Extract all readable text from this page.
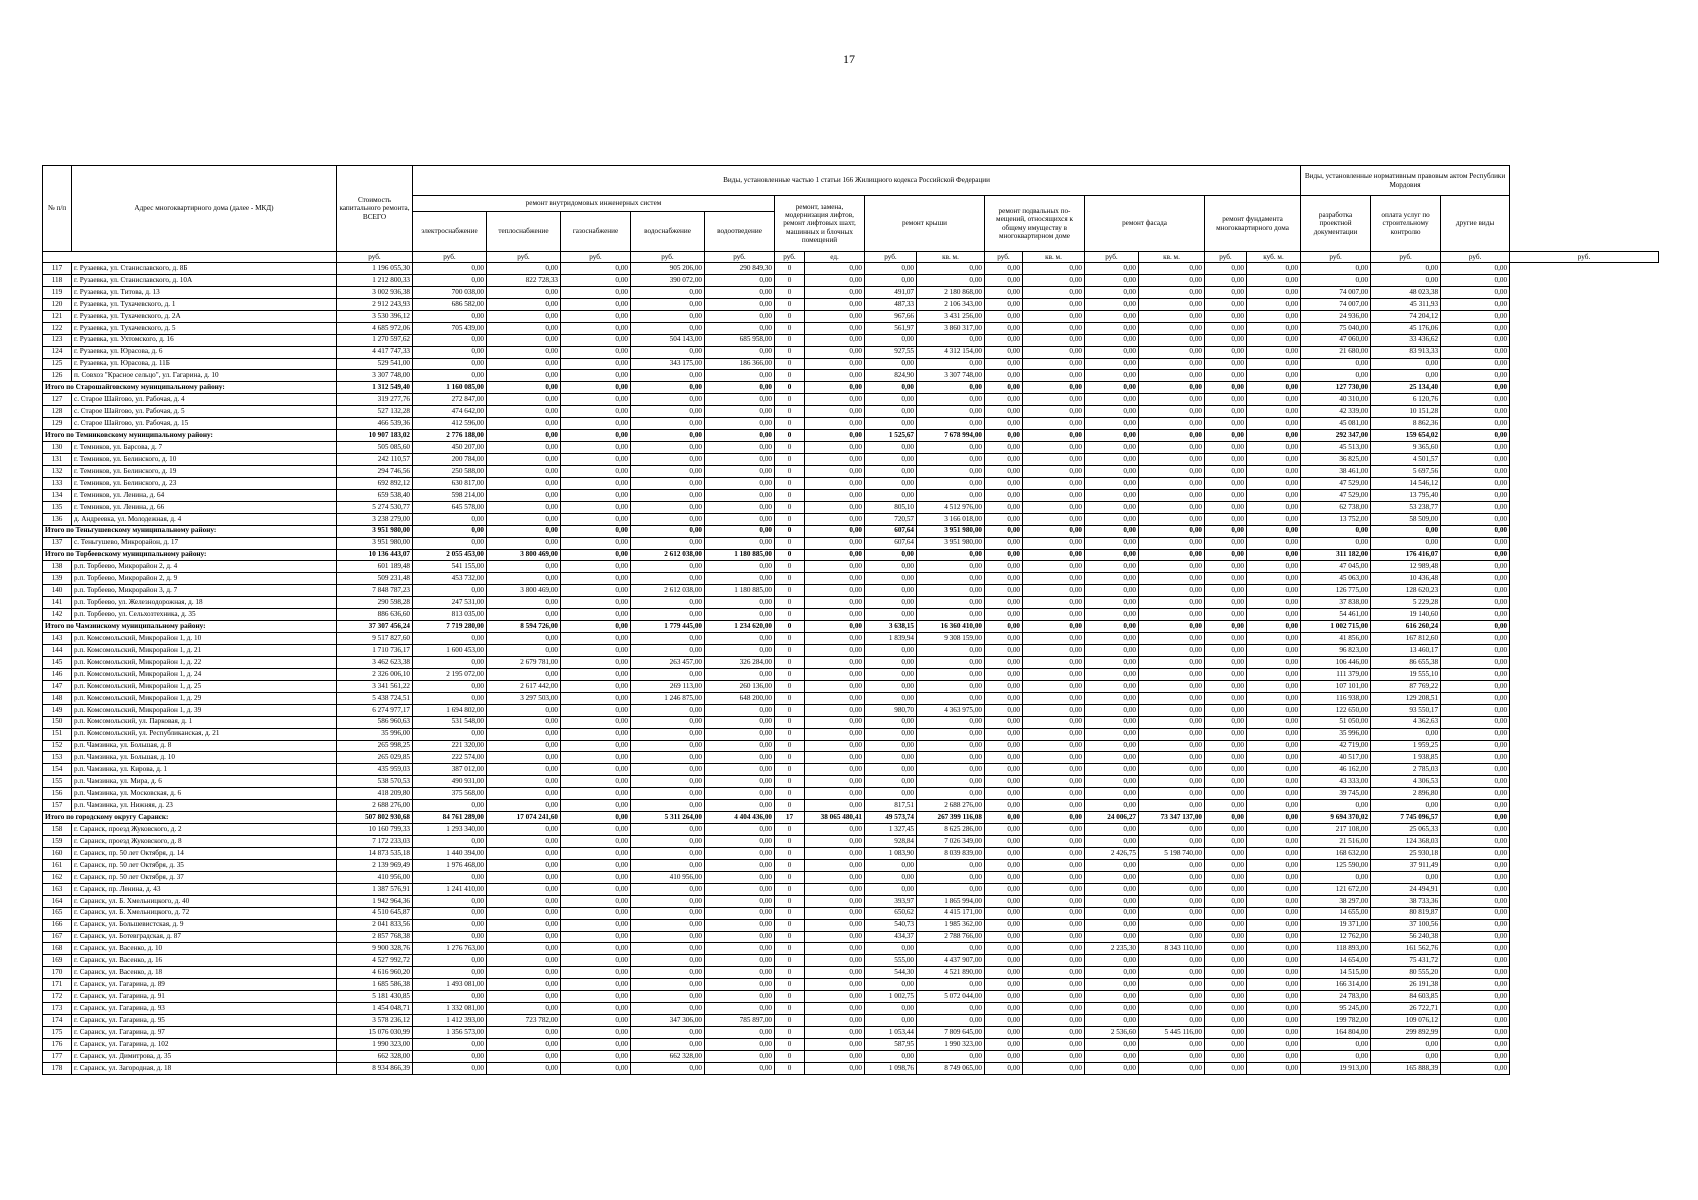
17
№ п/п	Адрес многоквартирного дома (далее - МКД)	Стоимость капитального ремонта, ВСЕГО	Виды, установленные частью 1 статьи 166 Жилищного кодекса Российской Федерации															Виды, установленные нормативным правовым актом Республики Мордовия			
			ремонт внутридомовых инженерных систем					ремонт, замена, модернизация лифтов, ремонт лифтовых шахт, машинных и блочных помещений		ремонт крыши		ремонт подвальных по-мещений, относящихся к общему имуществу в многоквартирном доме		ремонт фасада		ремонт фундамента многоквартирного дома		разработка проектной документации	оплата услуг по строительному контролю	другие виды	
			электроснабжение	теплоснабжение	газоснабжение	водоснабжение	водоотведение														
		руб.	руб.	руб.	руб.	руб.	руб.	руб.	ед.	руб.	кв. м.	руб.	кв. м.	руб.	кв. м.	руб.	куб. м.	руб.	руб.	руб.	руб.
117	г. Рузаевка, ул. Станиславского, д. 8Б	1 196 055,30	0,00	0,00	0,00	905 206,00	290 849,30	0	0,00	0,00	0,00	0,00	0,00	0,00	0,00	0,00	0,00	0,00	0,00	0,00	
118	г. Рузаевка, ул. Станиславского, д. 10А	1 212 800,33	0,00	822 728,33	0,00	390 072,00	0,00	0	0,00	0,00	0,00	0,00	0,00	0,00	0,00	0,00	0,00	0,00	0,00	0,00	
119	г. Рузаевка, ул. Титова, д. 13	3 002 936,38	700 038,00	0,00	0,00	0,00	0,00	0	0,00	491,07	2 180 868,00	0,00	0,00	0,00	0,00	0,00	0,00	74 007,00	48 023,38	0,00	
120	г. Рузаевка, ул. Тухачевского, д. 1	2 912 243,93	686 582,00	0,00	0,00	0,00	0,00	0	0,00	487,33	2 106 343,00	0,00	0,00	0,00	0,00	0,00	0,00	74 007,00	45 311,93	0,00	
121	г. Рузаевка, ул. Тухачевского, д. 2А	3 530 396,12	0,00	0,00	0,00	0,00	0,00	0	0,00	967,66	3 431 256,00	0,00	0,00	0,00	0,00	0,00	0,00	24 936,00	74 204,12	0,00	
122	г. Рузаевка, ул. Тухачевского, д. 5	4 685 972,06	705 439,00	0,00	0,00	0,00	0,00	0	0,00	561,97	3 860 317,00	0,00	0,00	0,00	0,00	0,00	0,00	75 040,00	45 176,06	0,00	
123	г. Рузаевка, ул. Ухтомского, д. 16	1 270 597,62	0,00	0,00	0,00	504 143,00	685 958,00	0	0,00	0,00	0,00	0,00	0,00	0,00	0,00	0,00	0,00	47 060,00	33 436,62	0,00	
124	г. Рузаевка, ул. Юрасова, д. 6	4 417 747,33	0,00	0,00	0,00	0,00	0,00	0	0,00	927,55	4 312 154,00	0,00	0,00	0,00	0,00	0,00	0,00	21 680,00	83 913,33	0,00	
125	г. Рузаевка, ул. Юрасова, д. 11Б	529 541,00	0,00	0,00	0,00	343 175,00	186 366,00	0	0,00	0,00	0,00	0,00	0,00	0,00	0,00	0,00	0,00	0,00	0,00	0,00	
126	п. Совхоз "Красное сельцо", ул. Гагарина, д. 10	3 307 748,00	0,00	0,00	0,00	0,00	0,00	0	0,00	824,90	3 307 748,00	0,00	0,00	0,00	0,00	0,00	0,00	0,00	0,00	0,00	
Итого по Старошайговскому муниципальному району:		1 312 549,40	1 160 085,00	0,00	0,00	0,00	0,00	0	0,00	0,00	0,00	0,00	0,00	0,00	0,00	0,00	0,00	127 730,00	25 134,40	0,00	
127	с. Старое Шайгово, ул. Рабочая, д. 4	319 277,76	272 847,00	0,00	0,00	0,00	0,00	0	0,00	0,00	0,00	0,00	0,00	0,00	0,00	0,00	0,00	40 310,00	6 120,76	0,00	
128	с. Старое Шайгово, ул. Рабочая, д. 5	527 132,28	474 642,00	0,00	0,00	0,00	0,00	0	0,00	0,00	0,00	0,00	0,00	0,00	0,00	0,00	0,00	42 339,00	10 151,28	0,00	
129	с. Старое Шайгово, ул. Рабочая, д. 15	466 539,36	412 596,00	0,00	0,00	0,00	0,00	0	0,00	0,00	0,00	0,00	0,00	0,00	0,00	0,00	0,00	45 081,00	8 862,36	0,00	
Итого по Темниковскому муниципальному району:		10 907 183,02	2 776 188,00	0,00	0,00	0,00	0,00	0	0,00	1 525,67	7 678 994,00	0,00	0,00	0,00	0,00	0,00	0,00	292 347,00	159 654,02	0,00	
130	г. Темников, ул. Барсова, д. 7	505 085,60	450 207,00	0,00	0,00	0,00	0,00	0	0,00	0,00	0,00	0,00	0,00	0,00	0,00	0,00	0,00	45 513,00	9 365,60	0,00	
131	г. Темников, ул. Белинского, д. 10	242 110,57	200 784,00	0,00	0,00	0,00	0,00	0	0,00	0,00	0,00	0,00	0,00	0,00	0,00	0,00	0,00	36 825,00	4 501,57	0,00	
132	г. Темников, ул. Белинского, д. 19	294 746,56	250 588,00	0,00	0,00	0,00	0,00	0	0,00	0,00	0,00	0,00	0,00	0,00	0,00	0,00	0,00	38 461,00	5 697,56	0,00	
133	г. Темников, ул. Белинского, д. 23	692 892,12	630 817,00	0,00	0,00	0,00	0,00	0	0,00	0,00	0,00	0,00	0,00	0,00	0,00	0,00	0,00	47 529,00	14 546,12	0,00	
134	г. Темников, ул. Ленина, д. 64	659 538,40	598 214,00	0,00	0,00	0,00	0,00	0	0,00	0,00	0,00	0,00	0,00	0,00	0,00	0,00	0,00	47 529,00	13 795,40	0,00	
135	г. Темников, ул. Ленина, д. 66	5 274 530,77	645 578,00	0,00	0,00	0,00	0,00	0	0,00	805,10	4 512 976,00	0,00	0,00	0,00	0,00	0,00	0,00	62 738,00	53 238,77	0,00	
136	д. Андреевка, ул. Молодежная, д. 4	3 238 279,00	0,00	0,00	0,00	0,00	0,00	0	0,00	720,57	3 166 018,00	0,00	0,00	0,00	0,00	0,00	0,00	13 752,00	58 509,00	0,00	
Итого по Теньгушевскому муниципальному району:		3 951 980,00	0,00	0,00	0,00	0,00	0,00	0	0,00	607,64	3 951 980,00	0,00	0,00	0,00	0,00	0,00	0,00	0,00	0,00	0,00	
137	с. Теньгушево, Микрорайон, д. 17	3 951 980,00	0,00	0,00	0,00	0,00	0,00	0	0,00	607,64	3 951 980,00	0,00	0,00	0,00	0,00	0,00	0,00	0,00	0,00	0,00	
Итого по Торбеевскому муниципальному району:		10 136 443,07	2 055 453,00	3 800 469,00	0,00	2 612 038,00	1 180 885,00	0	0,00	0,00	0,00	0,00	0,00	0,00	0,00	0,00	0,00	311 182,00	176 416,07	0,00	
138	р.п. Торбеево, Микрорайон 2, д. 4	601 189,48	541 155,00	0,00	0,00	0,00	0,00	0	0,00	0,00	0,00	0,00	0,00	0,00	0,00	0,00	0,00	47 045,00	12 989,48	0,00	
139	р.п. Торбеево, Микрорайон 2, д. 9	509 231,48	453 732,00	0,00	0,00	0,00	0,00	0	0,00	0,00	0,00	0,00	0,00	0,00	0,00	0,00	0,00	45 063,00	10 436,48	0,00	
140	р.п. Торбеево, Микрорайон 3, д. 7	7 848 787,23	0,00	3 800 469,00	0,00	2 612 038,00	1 180 885,00	0	0,00	0,00	0,00	0,00	0,00	0,00	0,00	0,00	0,00	126 775,00	128 620,23	0,00	
141	р.п. Торбеево, ул. Железнодорожная, д. 18	290 598,28	247 531,00	0,00	0,00	0,00	0,00	0	0,00	0,00	0,00	0,00	0,00	0,00	0,00	0,00	0,00	37 838,00	5 229,28	0,00	
142	р.п. Торбеево, ул. Сельхозтехника, д. 35	886 636,60	813 035,00	0,00	0,00	0,00	0,00	0	0,00	0,00	0,00	0,00	0,00	0,00	0,00	0,00	0,00	54 461,00	19 140,60	0,00	
Итого по Чамзинскому муниципальному району:		37 307 456,24	7 719 280,00	8 594 726,00	0,00	1 779 445,00	1 234 620,00	0	0,00	3 638,15	16 360 410,00	0,00	0,00	0,00	0,00	0,00	0,00	1 002 715,00	616 260,24	0,00	
143	р.п. Комсомольский, Микрорайон 1, д. 10	9 517 827,60	0,00	0,00	0,00	0,00	0,00	0	0,00	1 839,94	9 308 159,00	0,00	0,00	0,00	0,00	0,00	0,00	41 856,00	167 812,60	0,00	
144	р.п. Комсомольский, Микрорайон 1, д. 21	1 710 736,17	1 600 453,00	0,00	0,00	0,00	0,00	0	0,00	0,00	0,00	0,00	0,00	0,00	0,00	0,00	0,00	96 823,00	13 460,17	0,00	
145	р.п. Комсомольский, Микрорайон 1, д. 22	3 462 623,38	0,00	2 679 781,00	0,00	263 457,00	326 284,00	0	0,00	0,00	0,00	0,00	0,00	0,00	0,00	0,00	0,00	106 446,00	86 655,38	0,00	
146	р.п. Комсомольский, Микрорайон 1, д. 24	2 326 006,10	2 195 072,00	0,00	0,00	0,00	0,00	0	0,00	0,00	0,00	0,00	0,00	0,00	0,00	0,00	0,00	111 379,00	19 555,10	0,00	
147	р.п. Комсомольский, Микрорайон 1, д. 25	3 341 561,22	0,00	2 617 442,00	0,00	269 113,00	260 136,00	0	0,00	0,00	0,00	0,00	0,00	0,00	0,00	0,00	0,00	107 101,00	87 769,22	0,00	
148	р.п. Комсомольский, Микрорайон 1, д. 29	5 438 724,51	0,00	3 297 503,00	0,00	1 246 875,00	648 200,00	0	0,00	0,00	0,00	0,00	0,00	0,00	0,00	0,00	0,00	116 938,00	129 208,51	0,00	
149	р.п. Комсомольский, Микрорайон 1, д. 39	6 274 977,17	1 694 802,00	0,00	0,00	0,00	0,00	0	0,00	980,70	4 363 975,00	0,00	0,00	0,00	0,00	0,00	0,00	122 650,00	93 550,17	0,00	
150	р.п. Комсомольский, ул. Парковая, д. 1	586 960,63	531 548,00	0,00	0,00	0,00	0,00	0	0,00	0,00	0,00	0,00	0,00	0,00	0,00	0,00	0,00	51 050,00	4 362,63	0,00	
151	р.п. Комсомольский, ул. Республиканская, д. 21	35 996,00	0,00	0,00	0,00	0,00	0,00	0	0,00	0,00	0,00	0,00	0,00	0,00	0,00	0,00	0,00	35 996,00	0,00	0,00	
152	р.п. Чамзинка, ул. Большая, д. 8	265 998,25	221 320,00	0,00	0,00	0,00	0,00	0	0,00	0,00	0,00	0,00	0,00	0,00	0,00	0,00	0,00	42 719,00	1 959,25	0,00	
153	р.п. Чамзинка, ул. Большая, д. 10	265 029,85	222 574,00	0,00	0,00	0,00	0,00	0	0,00	0,00	0,00	0,00	0,00	0,00	0,00	0,00	0,00	40 517,00	1 938,85	0,00	
154	р.п. Чамзинка, ул. Кирова, д. 1	435 959,03	387 012,00	0,00	0,00	0,00	0,00	0	0,00	0,00	0,00	0,00	0,00	0,00	0,00	0,00	0,00	46 162,00	2 785,03	0,00	
155	р.п. Чамзинка, ул. Мира, д. 6	538 570,53	490 931,00	0,00	0,00	0,00	0,00	0	0,00	0,00	0,00	0,00	0,00	0,00	0,00	0,00	0,00	43 333,00	4 306,53	0,00	
156	р.п. Чамзинка, ул. Московская, д. 6	418 209,80	375 568,00	0,00	0,00	0,00	0,00	0	0,00	0,00	0,00	0,00	0,00	0,00	0,00	0,00	0,00	39 745,00	2 896,80	0,00	
157	р.п. Чамзинка, ул. Нижняя, д. 23	2 688 276,00	0,00	0,00	0,00	0,00	0,00	0	0,00	817,51	2 688 276,00	0,00	0,00	0,00	0,00	0,00	0,00	0,00	0,00	0,00	
Итого по городскому округу Саранск:		507 802 930,68	84 761 289,00	17 074 241,60	0,00	5 311 264,00	4 404 436,00	17	38 065 480,41	49 573,74	267 399 116,08	0,00	0,00	24 006,27	73 347 137,00	0,00	0,00	9 694 370,02	7 745 096,57	0,00	
158	г. Саранск, проезд Жуковского, д. 2	10 160 799,33	1 293 340,00	0,00	0,00	0,00	0,00	0	0,00	1 327,45	8 625 286,00	0,00	0,00	0,00	0,00	0,00	0,00	217 108,00	25 065,33	0,00	
159	г. Саранск, проезд Жуковского, д. 8	7 172 233,03	0,00	0,00	0,00	0,00	0,00	0	0,00	928,84	7 026 349,00	0,00	0,00	0,00	0,00	0,00	0,00	21 516,00	124 368,03	0,00	
160	г. Саранск, пр. 50 лет Октября, д. 14	14 873 535,18	1 440 394,00	0,00	0,00	0,00	0,00	0	0,00	1 083,90	8 039 839,00	0,00	0,00	2 426,75	5 198 740,00	0,00	0,00	168 632,00	25 930,18	0,00	
161	г. Саранск, пр. 50 лет Октября, д. 35	2 139 969,49	1 976 468,00	0,00	0,00	0,00	0,00	0	0,00	0,00	0,00	0,00	0,00	0,00	0,00	0,00	0,00	125 590,00	37 911,49	0,00	
162	г. Саранск, пр. 50 лет Октября, д. 37	410 956,00	0,00	0,00	0,00	410 956,00	0,00	0	0,00	0,00	0,00	0,00	0,00	0,00	0,00	0,00	0,00	0,00	0,00	0,00	
163	г. Саранск, пр. Ленина, д. 43	1 387 576,91	1 241 410,00	0,00	0,00	0,00	0,00	0	0,00	0,00	0,00	0,00	0,00	0,00	0,00	0,00	0,00	121 672,00	24 494,91	0,00	
164	г. Саранск, ул. Б. Хмельницкого, д. 40	1 942 964,36	0,00	0,00	0,00	0,00	0,00	0	0,00	393,97	1 865 994,00	0,00	0,00	0,00	0,00	0,00	0,00	38 297,00	38 733,36	0,00	
165	г. Саранск, ул. Б. Хмельницкого, д. 72	4 510 645,87	0,00	0,00	0,00	0,00	0,00	0	0,00	650,62	4 415 171,00	0,00	0,00	0,00	0,00	0,00	0,00	14 655,00	80 819,87	0,00	
166	г. Саранск, ул. Большевистская, д. 9	2 041 833,56	0,00	0,00	0,00	0,00	0,00	0	0,00	540,73	1 985 362,00	0,00	0,00	0,00	0,00	0,00	0,00	19 371,00	37 100,56	0,00	
167	г. Саранск, ул. Ботевградская, д. 87	2 857 768,38	0,00	0,00	0,00	0,00	0,00	0	0,00	434,37	2 788 766,00	0,00	0,00	0,00	0,00	0,00	0,00	12 762,00	56 240,38	0,00	
168	г. Саранск, ул. Васенко, д. 10	9 900 328,76	1 276 763,00	0,00	0,00	0,00	0,00	0	0,00	0,00	0,00	0,00	0,00	2 235,30	8 343 110,00	0,00	0,00	118 893,00	161 562,76	0,00	
169	г. Саранск, ул. Васенко, д. 16	4 527 992,72	0,00	0,00	0,00	0,00	0,00	0	0,00	555,00	4 437 907,00	0,00	0,00	0,00	0,00	0,00	0,00	14 654,00	75 431,72	0,00	
170	г. Саранск, ул. Васенко, д. 18	4 616 960,20	0,00	0,00	0,00	0,00	0,00	0	0,00	544,30	4 521 890,00	0,00	0,00	0,00	0,00	0,00	0,00	14 515,00	80 555,20	0,00	
171	г. Саранск, ул. Гагарина, д. 89	1 685 586,38	1 493 081,00	0,00	0,00	0,00	0,00	0	0,00	0,00	0,00	0,00	0,00	0,00	0,00	0,00	0,00	166 314,00	26 191,38	0,00	
172	г. Саранск, ул. Гагарина, д. 91	5 181 430,85	0,00	0,00	0,00	0,00	0,00	0	0,00	1 002,75	5 072 044,00	0,00	0,00	0,00	0,00	0,00	0,00	24 783,00	84 603,85	0,00	
173	г. Саранск, ул. Гагарина, д. 93	1 454 048,71	1 332 081,00	0,00	0,00	0,00	0,00	0	0,00	0,00	0,00	0,00	0,00	0,00	0,00	0,00	0,00	95 245,00	26 722,71	0,00	
174	г. Саранск, ул. Гагарина, д. 95	3 578 236,12	1 412 393,00	723 782,00	0,00	347 306,00	785 897,00	0	0,00	0,00	0,00	0,00	0,00	0,00	0,00	0,00	0,00	199 782,00	109 076,12	0,00	
175	г. Саранск, ул. Гагарина, д. 97	15 076 030,99	1 356 573,00	0,00	0,00	0,00	0,00	0	0,00	1 053,44	7 809 645,00	0,00	0,00	2 536,60	5 445 116,00	0,00	0,00	164 804,00	299 892,99	0,00	
176	г. Саранск, ул. Гагарина, д. 102	1 990 323,00	0,00	0,00	0,00	0,00	0,00	0	0,00	587,95	1 990 323,00	0,00	0,00	0,00	0,00	0,00	0,00	0,00	0,00	0,00	
177	г. Саранск, ул. Димитрова, д. 35	662 328,00	0,00	0,00	0,00	662 328,00	0,00	0	0,00	0,00	0,00	0,00	0,00	0,00	0,00	0,00	0,00	0,00	0,00	0,00	
178	г. Саранск, ул. Загородная, д. 18	8 934 866,39	0,00	0,00	0,00	0,00	0,00	0	0,00	1 098,76	8 749 065,00	0,00	0,00	0,00	0,00	0,00	0,00	19 913,00	165 888,39	0,00	
